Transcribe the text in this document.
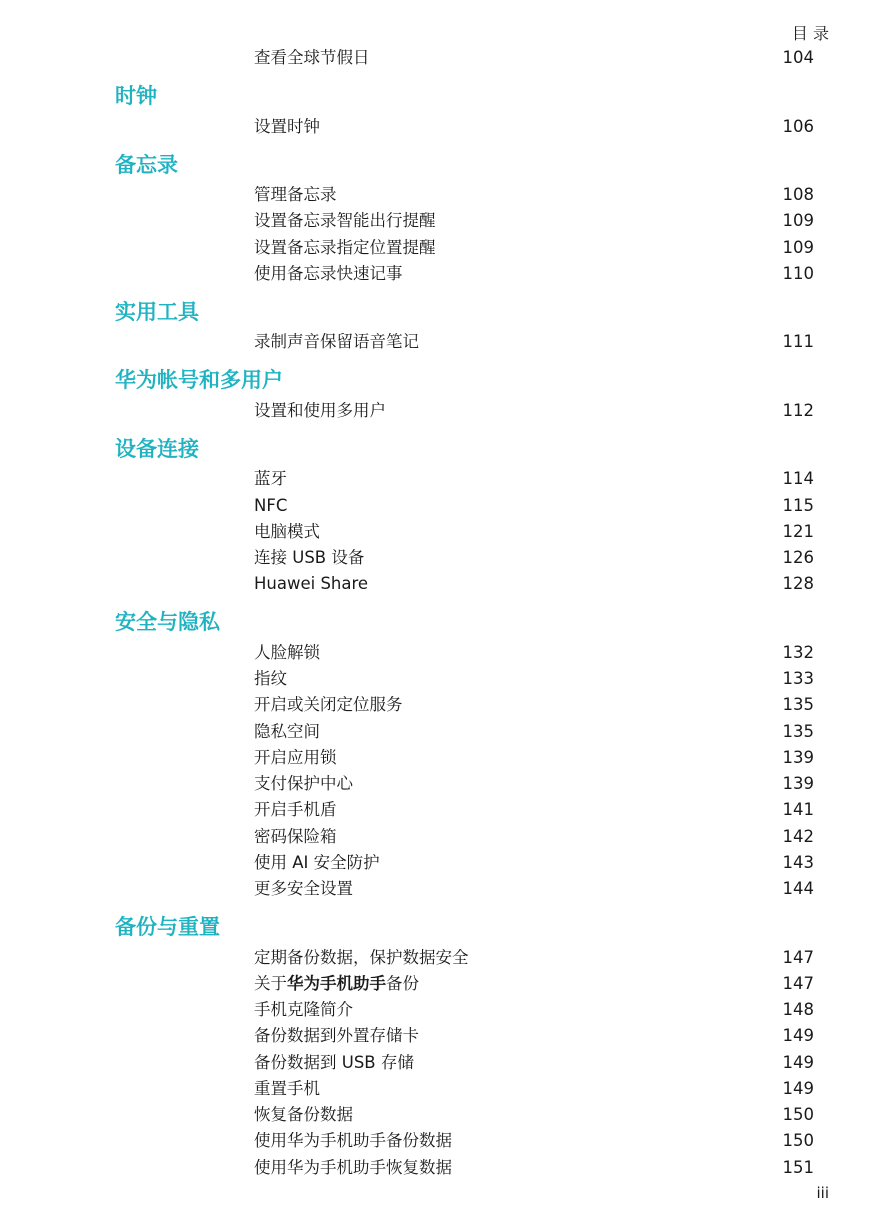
目 录
查看全球节假日	104
时钟
设置时钟	106
备忘录
管理备忘录	108
设置备忘录智能出行提醒	109
设置备忘录指定位置提醒	109
使用备忘录快速记事	110
实用工具
录制声音保留语音笔记	111
华为帐号和多用户
设置和使用多用户	112
设备连接
蓝牙	114
NFC	115
电脑模式	121
连接 USB 设备	126
Huawei Share	128
安全与隐私
人脸解锁	132
指纹	133
开启或关闭定位服务	135
隐私空间	135
开启应用锁	139
支付保护中心	139
开启手机盾	141
密码保险箱	142
使用 AI 安全防护	143
更多安全设置	144
备份与重置
定期备份数据，保护数据安全	147
关于华为手机助手备份	147
手机克隆简介	148
备份数据到外置存储卡	149
备份数据到 USB 存储	149
重置手机	149
恢复备份数据	150
使用华为手机助手备份数据	150
使用华为手机助手恢复数据	151
iii
